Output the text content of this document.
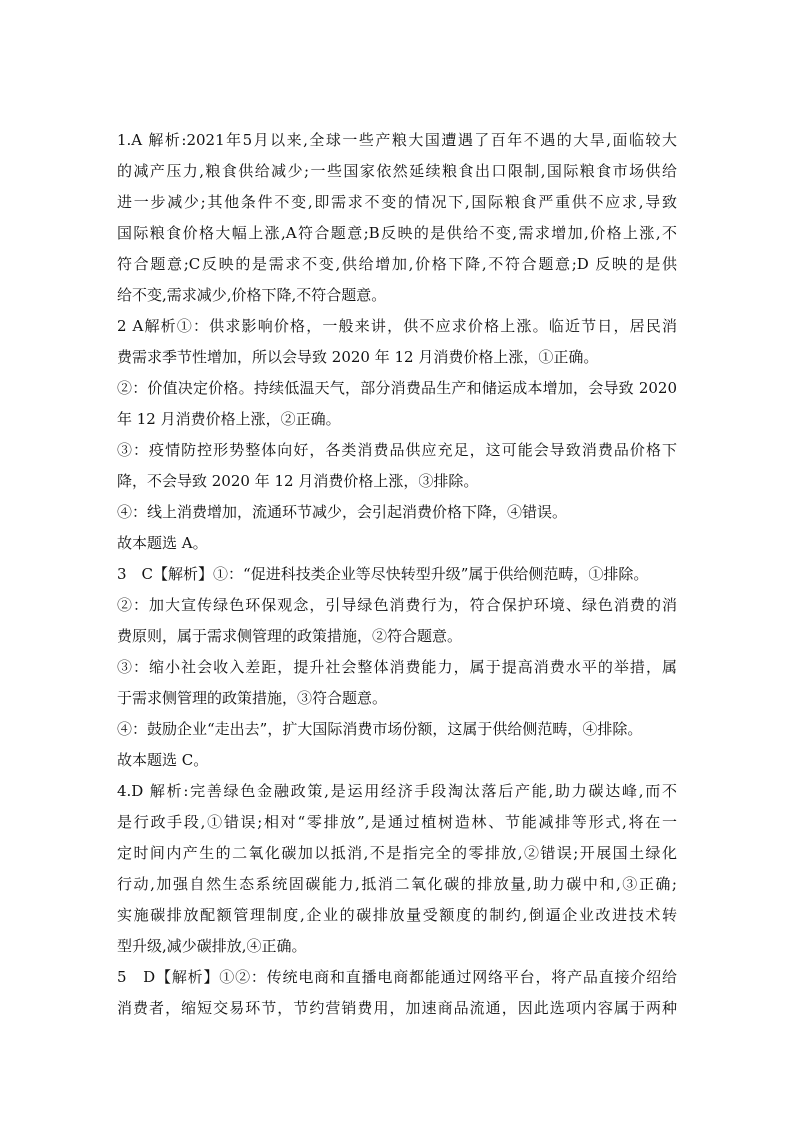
1.A 解析:2021年5月以来,全球一些产粮大国遭遇了百年不遇的大旱,面临较大
的减产压力,粮食供给减少;一些国家依然延续粮食出口限制,国际粮食市场供给
进一步减少;其他条件不变,即需求不变的情况下,国际粮食严重供不应求,导致
国际粮食价格大幅上涨,A符合题意;B反映的是供给不变,需求增加,价格上涨,不
符合题意;C反映的是需求不变,供给增加,价格下降,不符合题意;D 反映的是供
给不变,需求减少,价格下降,不符合题意。
2 A解析①：供求影响价格，一般来讲，供不应求价格上涨。临近节日，居民消
费需求季节性增加，所以会导致 2020 年 12 月消费价格上涨，①正确。
②：价值决定价格。持续低温天气，部分消费品生产和储运成本增加，会导致 2020
年 12 月消费价格上涨，②正确。
③：疫情防控形势整体向好，各类消费品供应充足，这可能会导致消费品价格下
降，不会导致 2020 年 12 月消费价格上涨，③排除。
④：线上消费增加，流通环节减少，会引起消费价格下降，④错误。
故本题选 A。
3　C【解析】①：“促进科技类企业等尽快转型升级”属于供给侧范畴，①排除。
②：加大宣传绿色环保观念，引导绿色消费行为，符合保护环境、绿色消费的消
费原则，属于需求侧管理的政策措施，②符合题意。
③：缩小社会收入差距，提升社会整体消费能力，属于提高消费水平的举措，属
于需求侧管理的政策措施，③符合题意。
④：鼓励企业“走出去”，扩大国际消费市场份额，这属于供给侧范畴，④排除。
故本题选 C。
4.D 解析:完善绿色金融政策,是运用经济手段淘汰落后产能,助力碳达峰,而不
是行政手段,①错误;相对“零排放”,是通过植树造林、节能减排等形式,将在一
定时间内产生的二氧化碳加以抵消,不是指完全的零排放,②错误;开展国土绿化
行动,加强自然生态系统固碳能力,抵消二氧化碳的排放量,助力碳中和,③正确;
实施碳排放配额管理制度,企业的碳排放量受额度的制约,倒逼企业改进技术转
型升级,减少碳排放,④正确。
5　D【解析】①②：传统电商和直播电商都能通过网络平台，将产品直接介绍给
消费者，缩短交易环节，节约营销费用，加速商品流通，因此选项内容属于两种
